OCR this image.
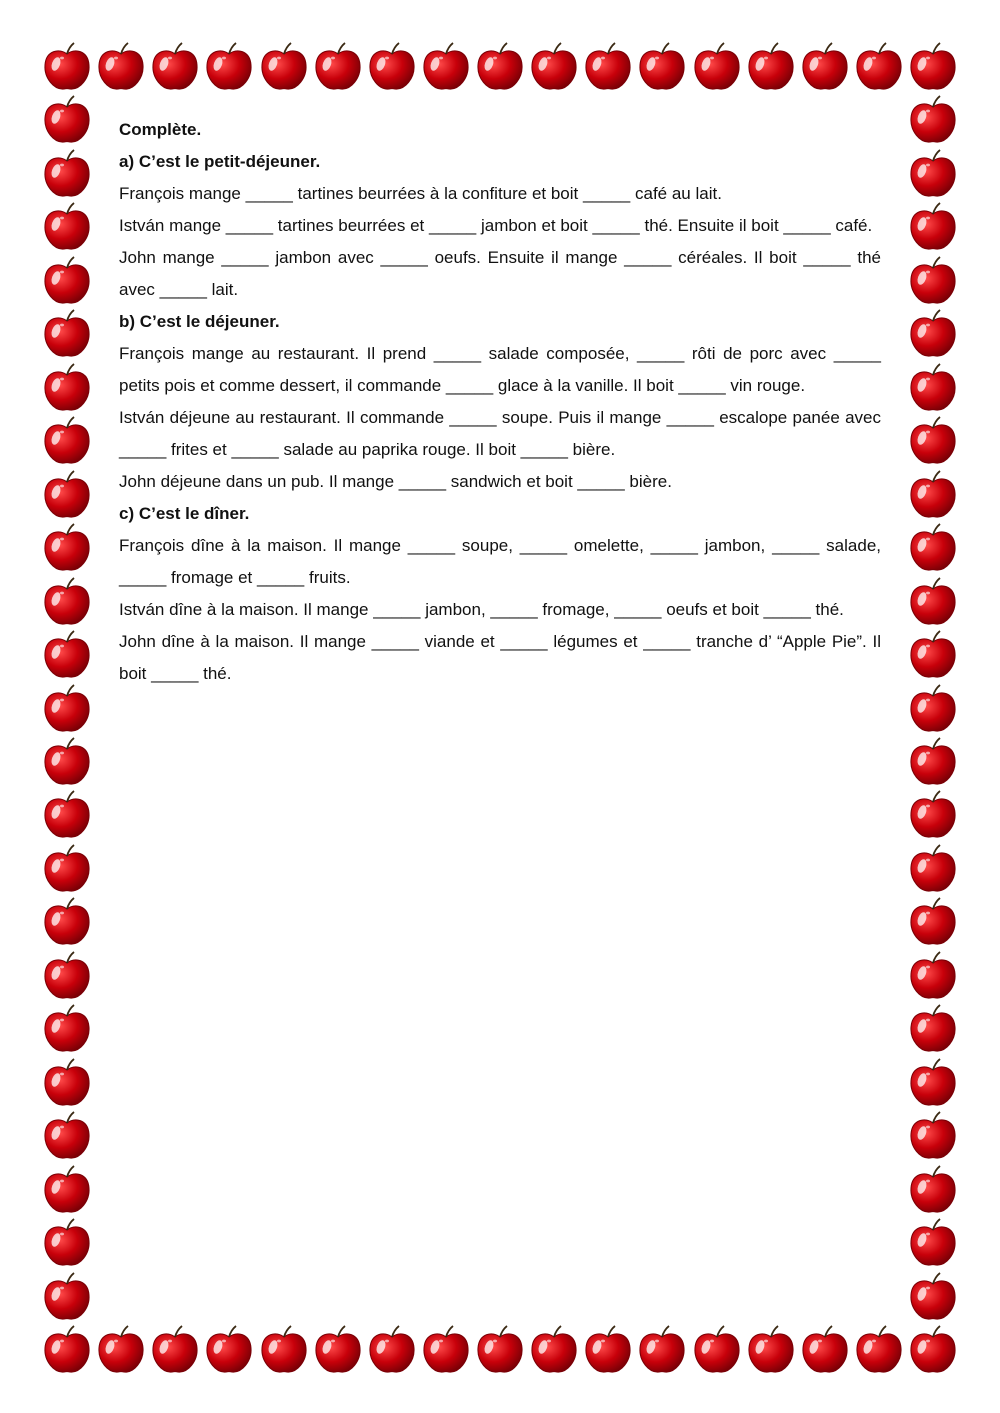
Complète.

a) C’est le petit-déjeuner.

François mange _____ tartines beurrées à la confiture et boit _____ café au lait.

István mange _____ tartines beurrées et _____ jambon et boit _____ thé. Ensuite il boit _____ café.

John mange _____ jambon avec _____ oeufs. Ensuite il mange _____ céréales. Il boit _____ thé avec _____ lait.

b) C’est le déjeuner.

François mange au restaurant. Il prend _____ salade composée, _____ rôti de porc avec _____ petits pois et comme dessert, il commande _____ glace à la vanille. Il boit _____ vin rouge.

István déjeune au restaurant. Il commande _____ soupe. Puis il mange _____ escalope panée avec _____ frites et _____ salade au paprika rouge. Il boit _____ bière.

John déjeune dans un pub. Il mange _____ sandwich et boit _____ bière.

c) C’est le dîner.

François dîne à la maison. Il mange _____ soupe, _____ omelette, _____ jambon, _____ salade, _____ fromage et _____ fruits.

István dîne à la maison. Il mange _____ jambon, _____ fromage, _____ oeufs et boit _____ thé.

John dîne à la maison. Il mange _____ viande et _____ légumes et _____ tranche d’ “Apple Pie”. Il boit _____ thé.
